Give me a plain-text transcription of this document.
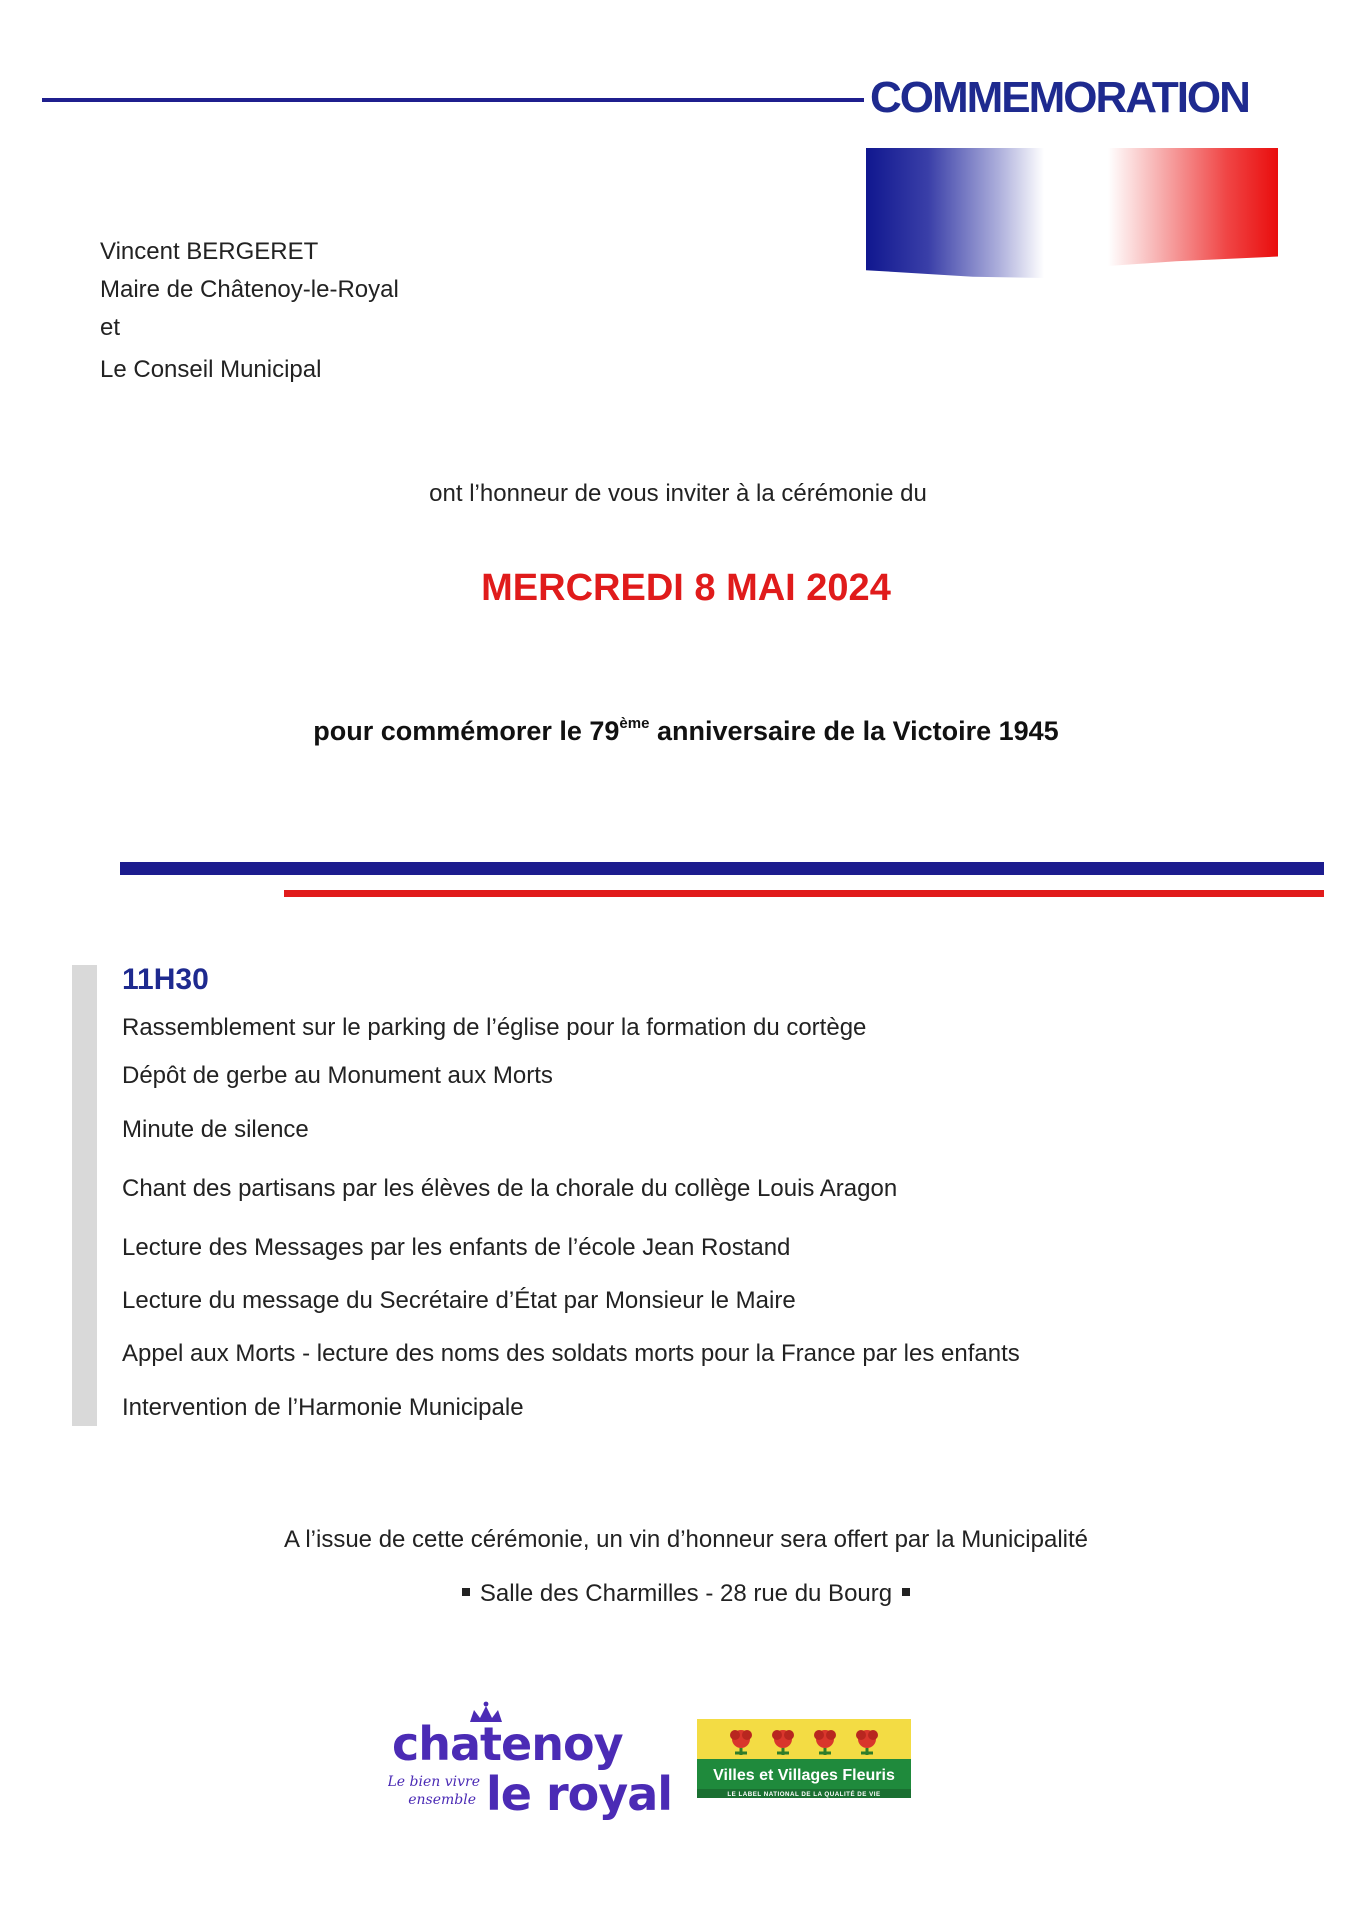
COMMEMORATION
Vincent BERGERET
Maire de Châtenoy-le-Royal
et
Le Conseil Municipal
ont l’honneur de vous inviter à la cérémonie du
MERCREDI 8 MAI 2024
pour commémorer le 79ème anniversaire de la Victoire 1945
11H30
Rassemblement sur le parking de l’église pour la formation du cortège
Dépôt de gerbe au Monument aux Morts
Minute de silence
Chant des partisans par les élèves de la chorale du collège Louis Aragon
Lecture des Messages par les enfants de l’école Jean Rostand
Lecture du message du Secrétaire d’État par Monsieur le Maire
Appel aux Morts - lecture des noms des soldats morts pour la France par les enfants
Intervention de l’Harmonie Municipale
A l’issue de cette cérémonie, un vin d’honneur sera offert par la Municipalité
Salle des Charmilles - 28 rue du Bourg
chatenoy
le royal
Le bien vivre
ensemble
Villes et Villages Fleuris
LE LABEL NATIONAL DE LA QUALITÉ DE VIE
